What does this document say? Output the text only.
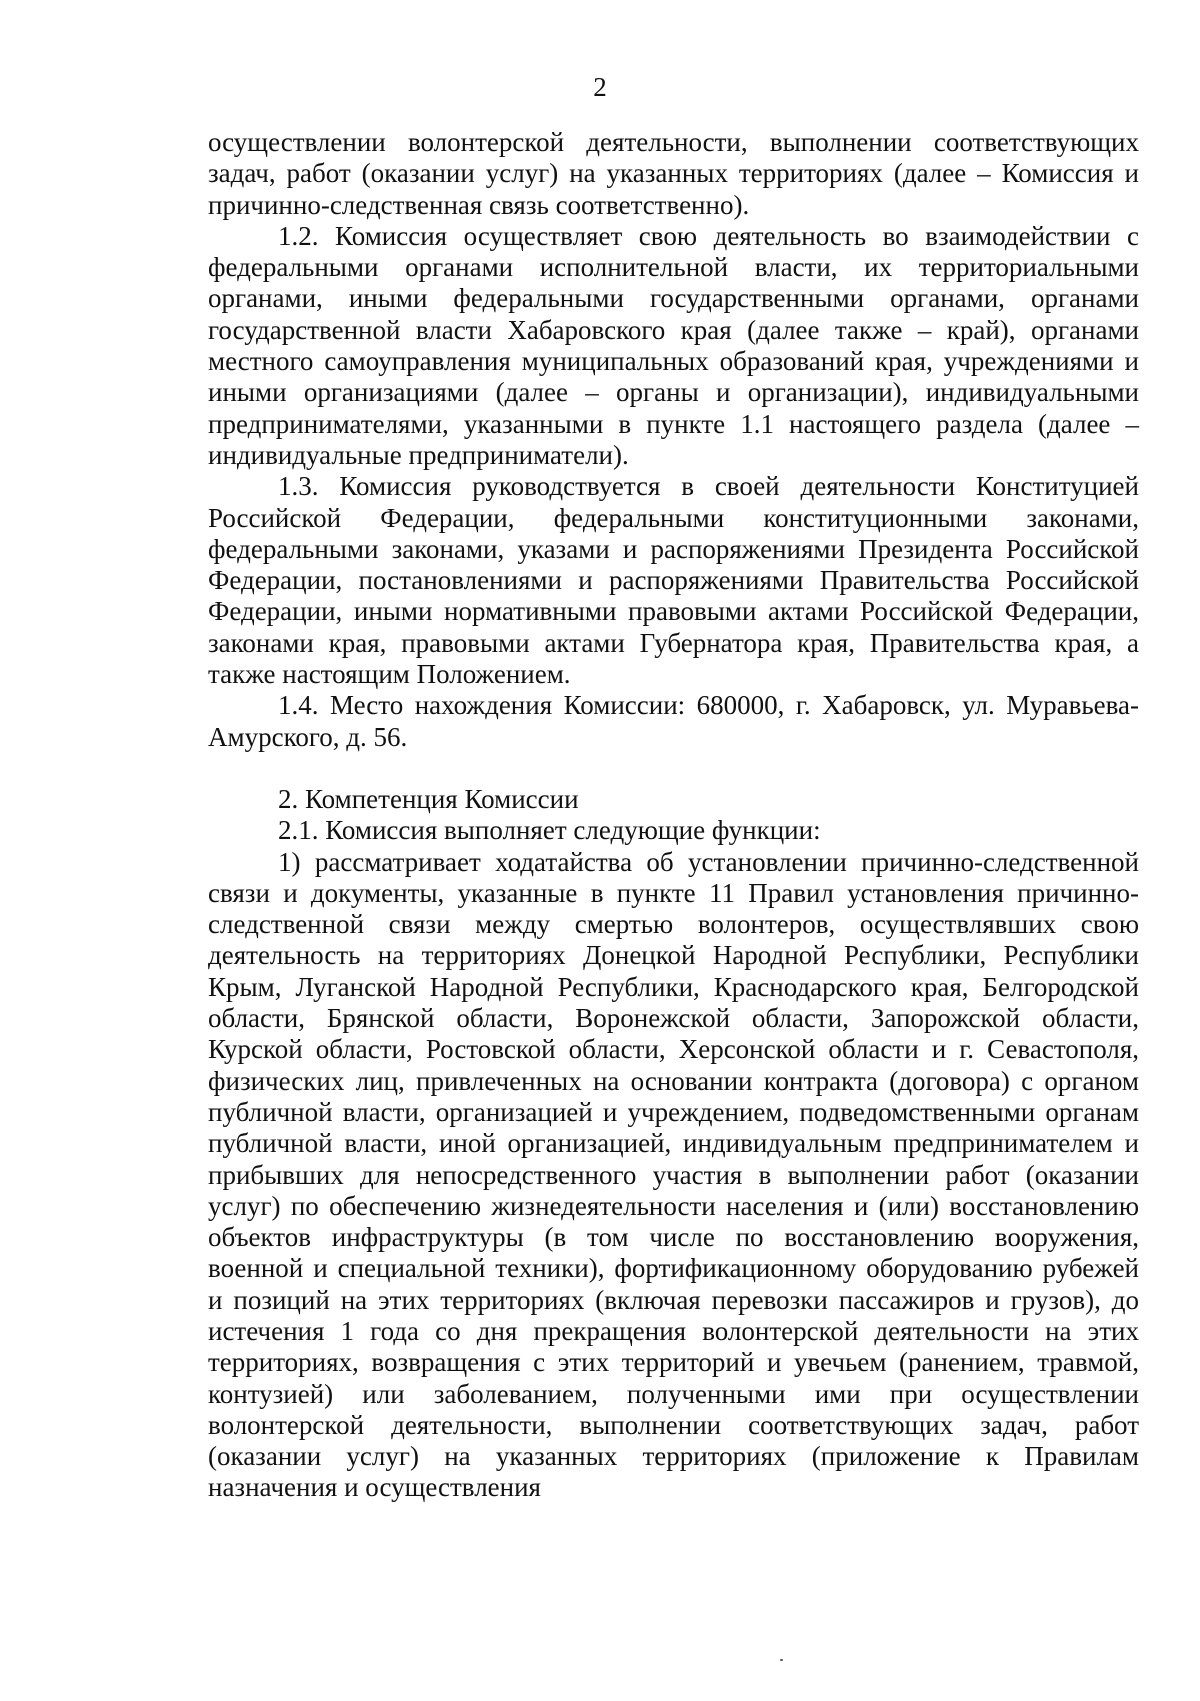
2

осуществлении волонтерской деятельности, выполнении соответствующих задач, работ (оказании услуг) на указанных территориях (далее – Комиссия и причинно-следственная связь соответственно).

1.2. Комиссия осуществляет свою деятельность во взаимодействии с федеральными органами исполнительной власти, их территориальными органами, иными федеральными государственными органами, органами государственной власти Хабаровского края (далее также – край), органами местного самоуправления муниципальных образований края, учреждениями и иными организациями (далее – органы и организации), индивидуальными предпринимателями, указанными в пункте 1.1 настоящего раздела (далее – индивидуальные предприниматели).

1.3. Комиссия руководствуется в своей деятельности Конституцией Российской Федерации, федеральными конституционными законами, федеральными законами, указами и распоряжениями Президента Российской Федерации, постановлениями и распоряжениями Правительства Российской Федерации, иными нормативными правовыми актами Российской Федерации, законами края, правовыми актами Губернатора края, Правительства края, а также настоящим Положением.

1.4. Место нахождения Комиссии: 680000, г. Хабаровск, ул. Муравьева-Амурского, д. 56.

2. Компетенция Комиссии

2.1. Комиссия выполняет следующие функции:

1) рассматривает ходатайства об установлении причинно-следственной связи и документы, указанные в пункте 11 Правил установления причинно-следственной связи между смертью волонтеров, осуществлявших свою деятельность на территориях Донецкой Народной Республики, Республики Крым, Луганской Народной Республики, Краснодарского края, Белгородской области, Брянской области, Воронежской области, Запорожской области, Курской области, Ростовской области, Херсонской области и г. Севастополя, физических лиц, привлеченных на основании контракта (договора) с органом публичной власти, организацией и учреждением, подведомственными органам публичной власти, иной организацией, индивидуальным предпринимателем и прибывших для непосредственного участия в выполнении работ (оказании услуг) по обеспечению жизнедеятельности населения и (или) восстановлению объектов инфраструктуры (в том числе по восстановлению вооружения, военной и специальной техники), фортификационному оборудованию рубежей и позиций на этих территориях (включая перевозки пассажиров и грузов), до истечения 1 года со дня прекращения волонтерской деятельности на этих территориях, возвращения с этих территорий и увечьем (ранением, травмой, контузией) или заболеванием, полученными ими при осуществлении волонтерской деятельности, выполнении соответствующих задач, работ (оказании услуг) на указанных территориях (приложение к Правилам назначения и осуществления
